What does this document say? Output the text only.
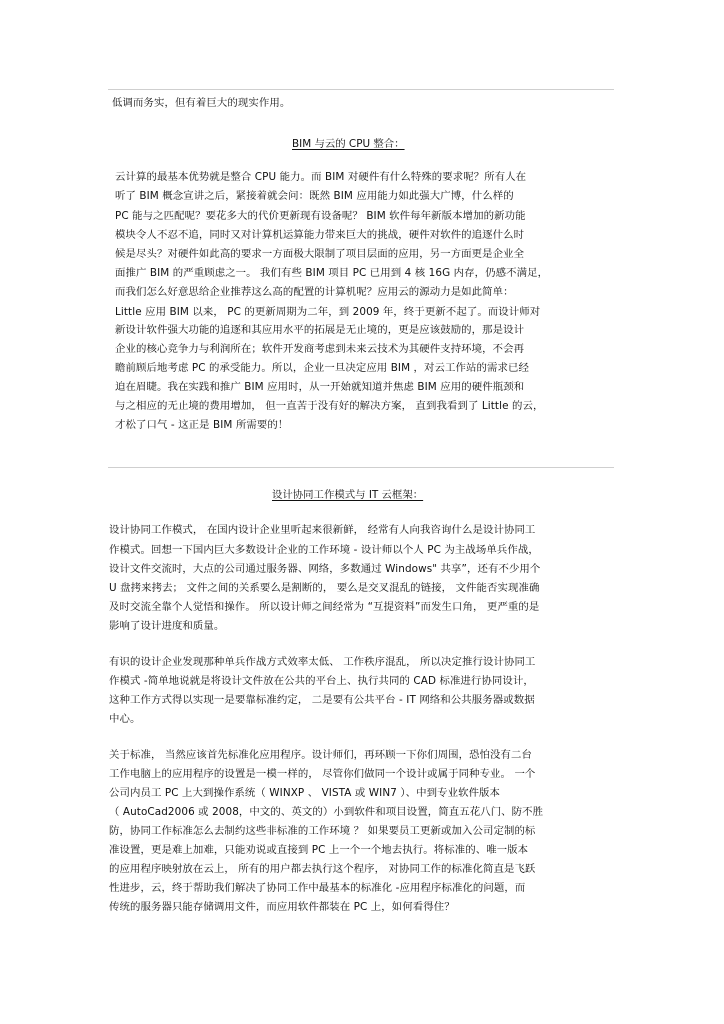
低调而务实，但有着巨大的现实作用。
BIM 与云的 CPU 整合：
云计算的最基本优势就是整合 CPU 能力。而 BIM 对硬件有什么特殊的要求呢？所有人在
听了 BIM 概念宣讲之后，紧接着就会问：既然 BIM 应用能力如此强大广博，什么样的
PC 能与之匹配呢？要花多大的代价更新现有设备呢？ BIM 软件每年新版本增加的新功能
模块令人不忍不追，同时又对计算机运算能力带来巨大的挑战，硬件对软件的追逐什么时
候是尽头？对硬件如此高的要求一方面极大限制了项目层面的应用，另一方面更是企业全
面推广 BIM 的严重顾虑之一。 我们有些 BIM 项目 PC 已用到 4 核 16G 内存，仍感不满足，
而我们怎么好意思给企业推荐这么高的配置的计算机呢？应用云的源动力是如此简单：
Little 应用 BIM 以来， PC 的更新周期为二年，到 2009 年，终于更新不起了。而设计师对
新设计软件强大功能的追逐和其应用水平的拓展是无止境的，更是应该鼓励的，那是设计
企业的核心竞争力与利润所在；软件开发商考虑到未来云技术为其硬件支持环境，不会再
瞻前顾后地考虑 PC 的承受能力。所以，企业一旦决定应用 BIM ，对云工作站的需求已经
迫在眉睫。我在实践和推广 BIM 应用时，从一开始就知道并焦虑 BIM 应用的硬件瓶颈和
与之相应的无止境的费用增加， 但一直苦于没有好的解决方案， 直到我看到了 Little 的云，
才松了口气 - 这正是 BIM 所需要的！
设计协同工作模式与 IT 云框架：
设计协同工作模式， 在国内设计企业里听起来很新鲜， 经常有人向我咨询什么是设计协同工
作模式。回想一下国内巨大多数设计企业的工作环境 - 设计师以个人 PC 为主战场单兵作战，
设计文件交流时，大点的公司通过服务器、网络，多数通过 Windows" 共享”，还有不少用个
U 盘拷来拷去； 文件之间的关系要么是割断的， 要么是交叉混乱的链接， 文件能否实现准确
及时交流全靠个人觉悟和操作。 所以设计师之间经常为 “互提资料”而发生口角， 更严重的是
影响了设计进度和质量。
有识的设计企业发现那种单兵作战方式效率太低、 工作秩序混乱， 所以决定推行设计协同工
作模式 -简单地说就是将设计文件放在公共的平台上、执行共同的 CAD 标准进行协同设计，
这种工作方式得以实现一是要靠标准约定， 二是要有公共平台 - IT 网络和公共服务器或数据
中心。
关于标准， 当然应该首先标准化应用程序。设计师们，再环顾一下你们周围，恐怕没有二台
工作电脑上的应用程序的设置是一模一样的， 尽管你们做同一个设计或属于同种专业。 一个
公司内员工 PC 上大到操作系统（ WINXP 、 VISTA 或 WIN7 ）、中到专业软件版本
（ AutoCad2006 或 2008，中文的、英文的）小到软件和项目设置，简直五花八门、防不胜
防，协同工作标准怎么去制约这些非标准的工作环境 ？ 如果要员工更新或加入公司定制的标
准设置，更是难上加难，只能劝说或直接到 PC 上一个一个地去执行。将标准的、唯一版本
的应用程序映射放在云上， 所有的用户都去执行这个程序， 对协同工作的标准化简直是飞跃
性进步，云，终于帮助我们解决了协同工作中最基本的标准化 -应用程序标准化的问题，而
传统的服务器只能存储调用文件，而应用软件都装在 PC 上，如何看得住？
